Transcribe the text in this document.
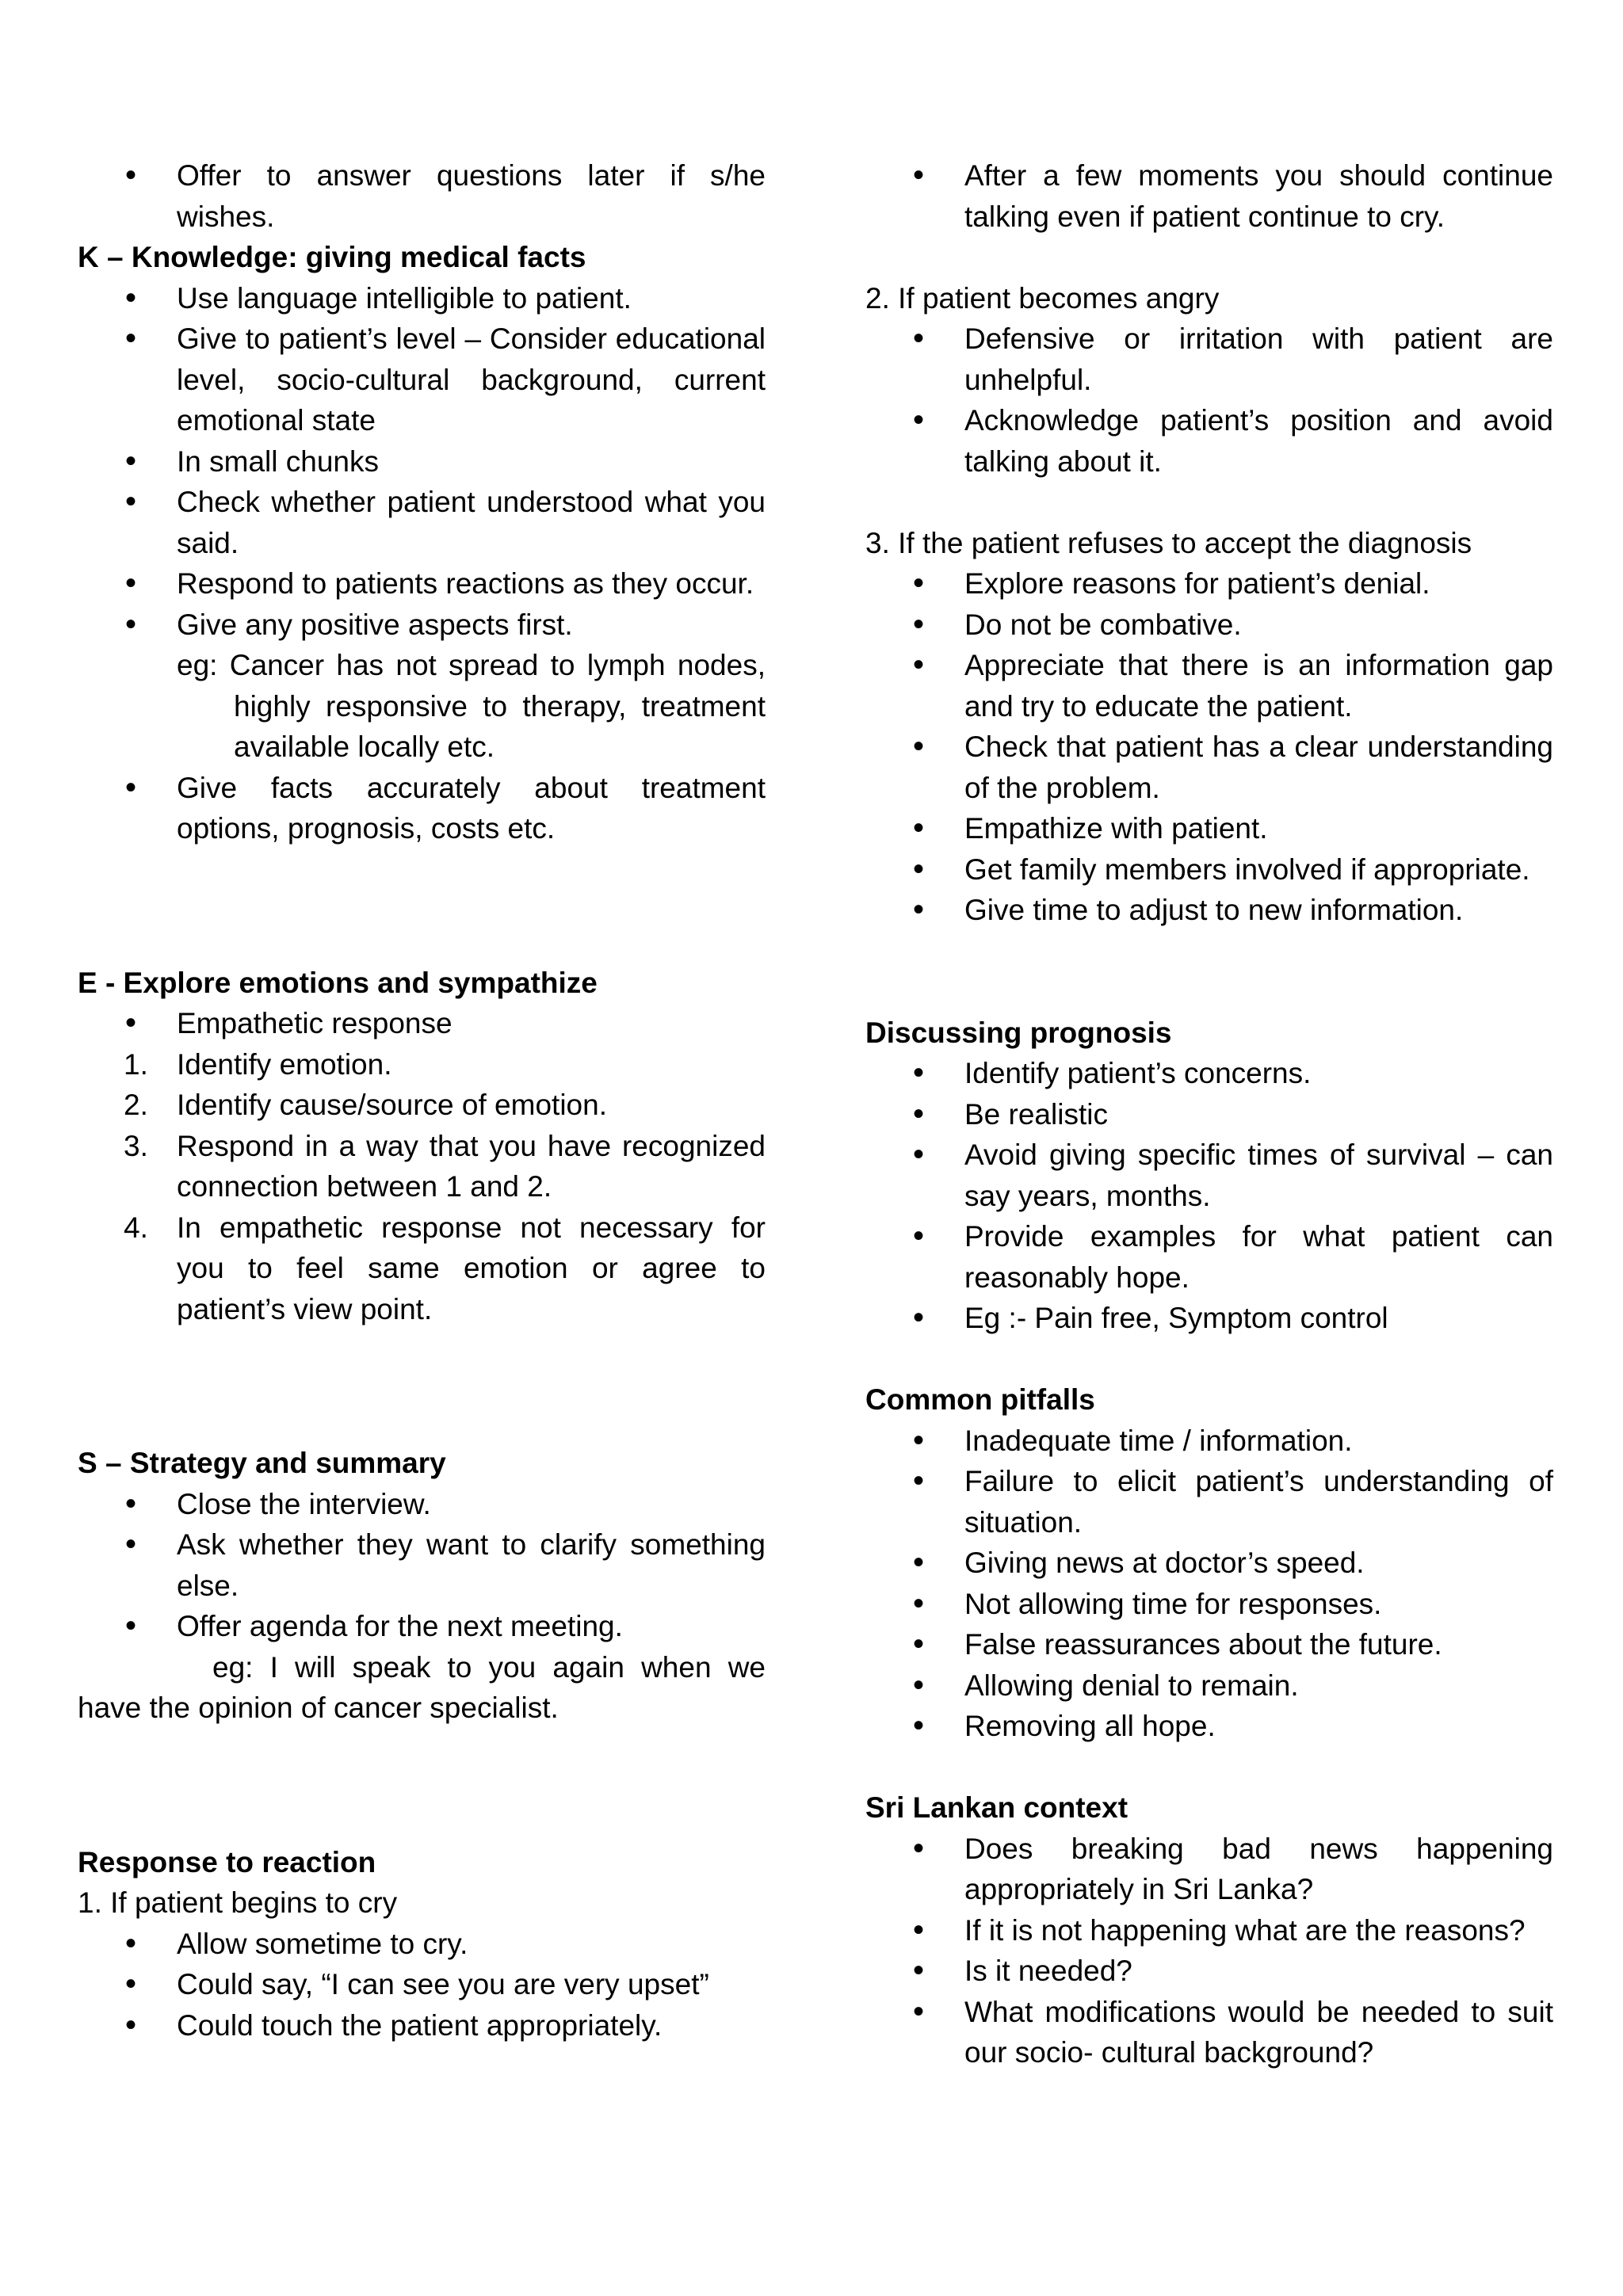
• Offer to answer questions later if s/he wishes.

K – Knowledge: giving medical facts

• Use language intelligible to patient.
• Give to patient’s level – Consider educational level, socio-cultural background, current emotional state
• In small chunks
• Check whether patient understood what you said.
• Respond to patients reactions as they occur.
• Give any positive aspects first.

eg: Cancer has not spread to lymph nodes, highly responsive to therapy, treatment available locally etc.

• Give facts accurately about treatment options, prognosis, costs etc.

E - Explore emotions and sympathize

• Empathetic response
1. Identify emotion.
2. Identify cause/source of emotion.
3. Respond in a way that you have recognized connection between 1 and 2.
4. In empathetic response not necessary for you to feel same emotion or agree to patient’s view point.

S – Strategy and summary

• Close the interview.
• Ask whether they want to clarify something else.
• Offer agenda for the next meeting.

eg: I will speak to you again when we have the opinion of cancer specialist.

Response to reaction

1. If patient begins to cry

• Allow sometime to cry.
• Could say, “I can see you are very upset”
• Could touch the patient appropriately.
• After a few moments you should continue talking even if patient continue to cry.

2. If patient becomes angry

• Defensive or irritation with patient are unhelpful.
• Acknowledge patient’s position and avoid talking about it.

3. If the patient refuses to accept the diagnosis

• Explore reasons for patient’s denial.
• Do not be combative.
• Appreciate that there is an information gap and try to educate the patient.
• Check that patient has a clear understanding of the problem.
• Empathize with patient.
• Get family members involved if appropriate.
• Give time to adjust to new information.

Discussing prognosis

• Identify patient’s concerns.
• Be realistic
• Avoid giving specific times of survival – can say years, months.
• Provide examples for what patient can reasonably hope.
• Eg :- Pain free, Symptom control

Common pitfalls

• Inadequate time / information.
• Failure to elicit patient’s understanding of situation.
• Giving news at doctor’s speed.
• Not allowing time for responses.
• False reassurances about the future.
• Allowing denial to remain.
• Removing all hope.

Sri Lankan context

• Does breaking bad news happening appropriately in Sri Lanka?
• If it is not happening what are the reasons?
• Is it needed?
• What modifications would be needed to suit our socio- cultural background?
